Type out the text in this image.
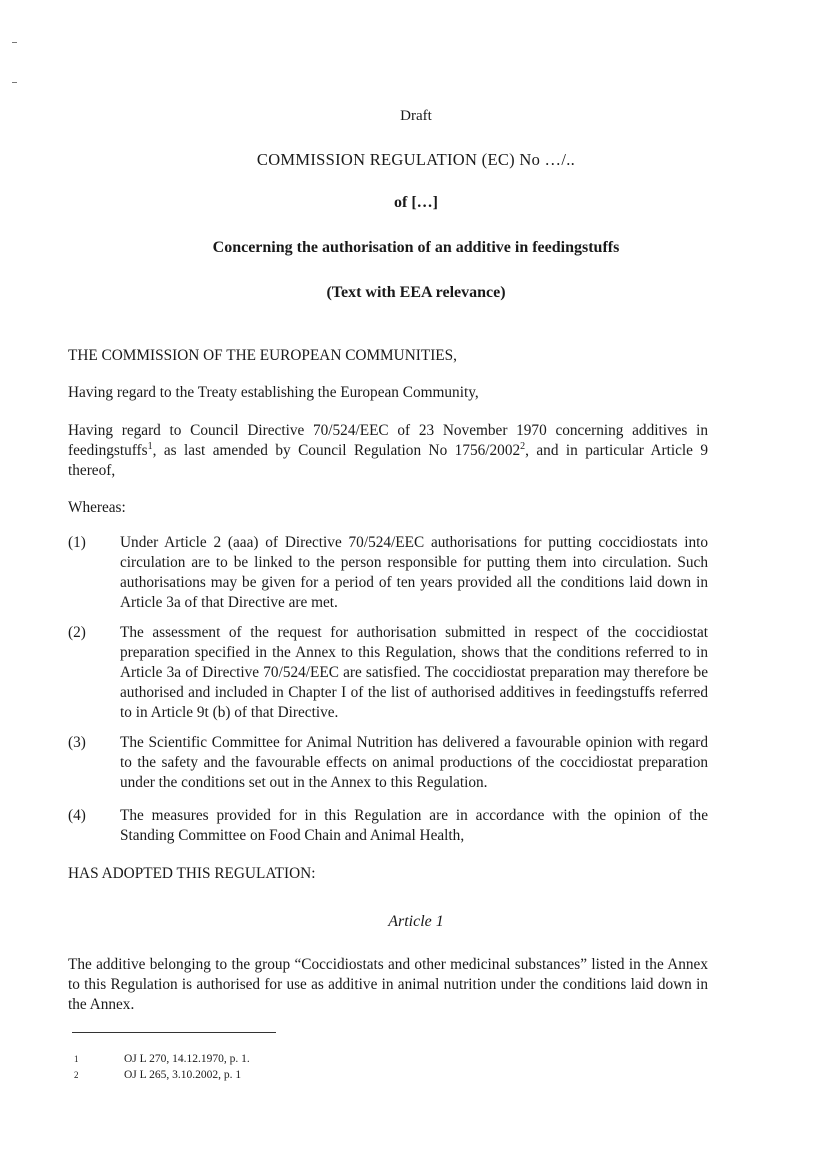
Draft
COMMISSION REGULATION (EC) No …/..
of […]
Concerning the authorisation of an additive in feedingstuffs
(Text with EEA relevance)
THE COMMISSION OF THE EUROPEAN COMMUNITIES,
Having regard to the Treaty establishing the European Community,
Having regard to Council Directive 70/524/EEC of 23 November 1970 concerning additives in feedingstuffs$^1$, as last amended by Council Regulation No 1756/2002$^2$, and in particular Article 9 thereof,
Whereas:
(1)	Under Article 2 (aaa) of Directive 70/524/EEC authorisations for putting coccidiostats into circulation are to be linked to the person responsible for putting them into circulation. Such authorisations may be given for a period of ten years provided all the conditions laid down in Article 3a of that Directive are met.
(2)	The assessment of the request for authorisation submitted in respect of the coccidiostat preparation specified in the Annex to this Regulation, shows that the conditions referred to in Article 3a of Directive 70/524/EEC are satisfied. The coccidiostat preparation may therefore be authorised and included in Chapter I of the list of authorised additives in feedingstuffs referred to in Article 9t (b) of that Directive.
(3)	The Scientific Committee for Animal Nutrition has delivered a favourable opinion with regard to the safety and the favourable effects on animal productions of the coccidiostat preparation under the conditions set out in the Annex to this Regulation.
(4)	The measures provided for in this Regulation are in accordance with the opinion of the Standing Committee on Food Chain and Animal Health,
HAS ADOPTED THIS REGULATION:
Article 1
The additive belonging to the group “Coccidiostats and other medicinal substances” listed in the Annex to this Regulation is authorised for use as additive in animal nutrition under the conditions laid down in the Annex.
1	OJ L 270, 14.12.1970, p. 1.
2	OJ L 265, 3.10.2002, p. 1
